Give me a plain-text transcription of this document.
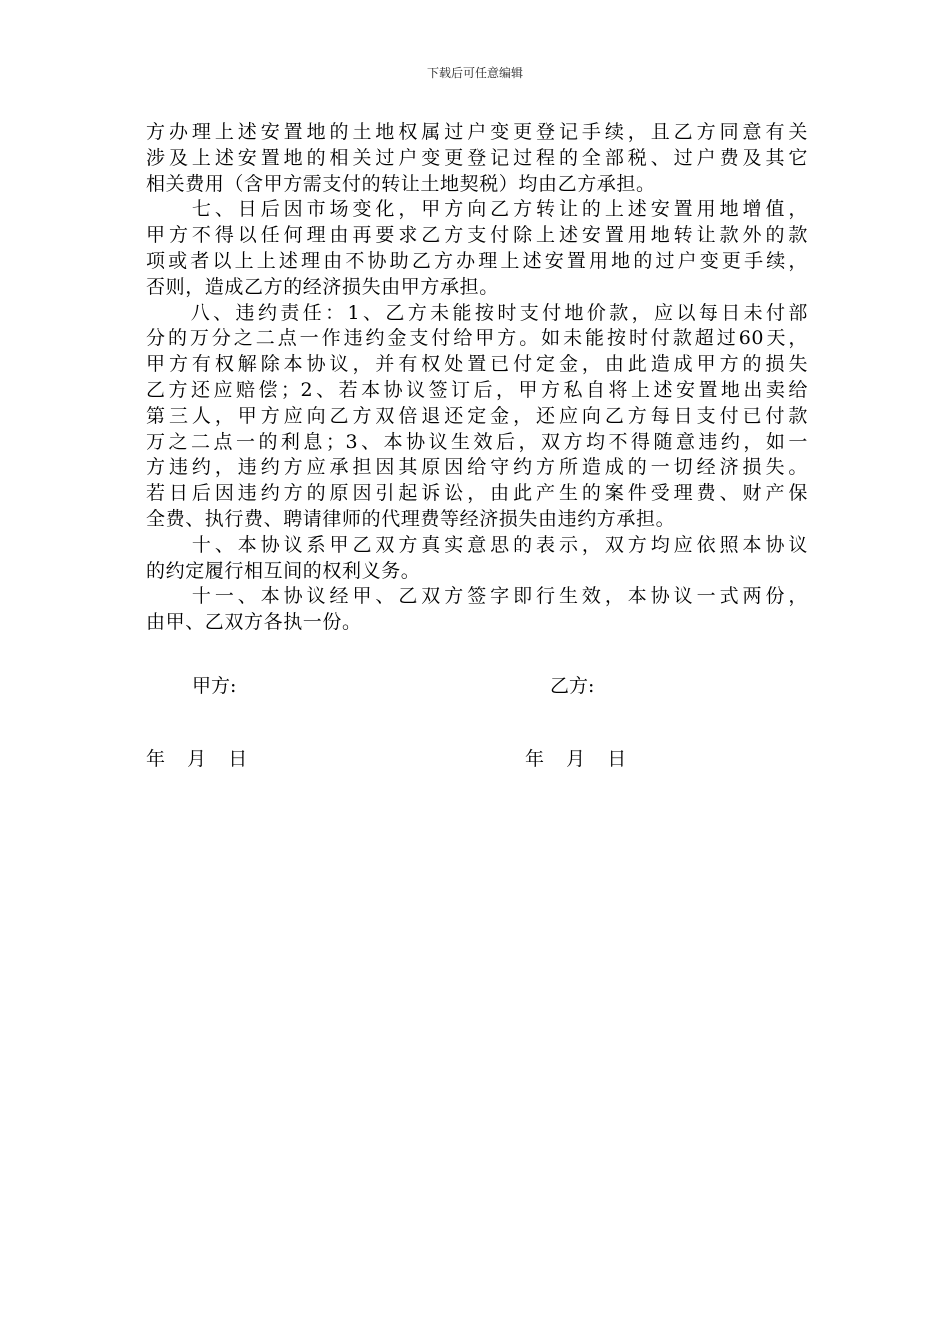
下载后可任意编辑
方办理上述安置地的土地权属过户变更登记手续，且乙方同意有关
涉及上述安置地的相关过户变更登记过程的全部税、过户费及其它
相关费用（含甲方需支付的转让土地契税）均由乙方承担。
　　七、日后因市场变化，甲方向乙方转让的上述安置用地增值，
甲方不得以任何理由再要求乙方支付除上述安置用地转让款外的款
项或者以上上述理由不协助乙方办理上述安置用地的过户变更手续，
否则，造成乙方的经济损失由甲方承担。
　　八、违约责任：1、乙方未能按时支付地价款，应以每日未付部
分的万分之二点一作违约金支付给甲方。如未能按时付款超过60天，
甲方有权解除本协议，并有权处置已付定金，由此造成甲方的损失
乙方还应赔偿；2、若本协议签订后，甲方私自将上述安置地出卖给
第三人，甲方应向乙方双倍退还定金，还应向乙方每日支付已付款
万之二点一的利息；3、本协议生效后，双方均不得随意违约，如一
方违约，违约方应承担因其原因给守约方所造成的一切经济损失。
若日后因违约方的原因引起诉讼，由此产生的案件受理费、财产保
全费、执行费、聘请律师的代理费等经济损失由违约方承担。
　　十、本协议系甲乙双方真实意思的表示，双方均应依照本协议
的约定履行相互间的权利义务。
　　十一、本协议经甲、乙双方签字即行生效，本协议一式两份，
由甲、乙双方各执一份。
甲方:	乙方:
年   月   日	年   月   日
